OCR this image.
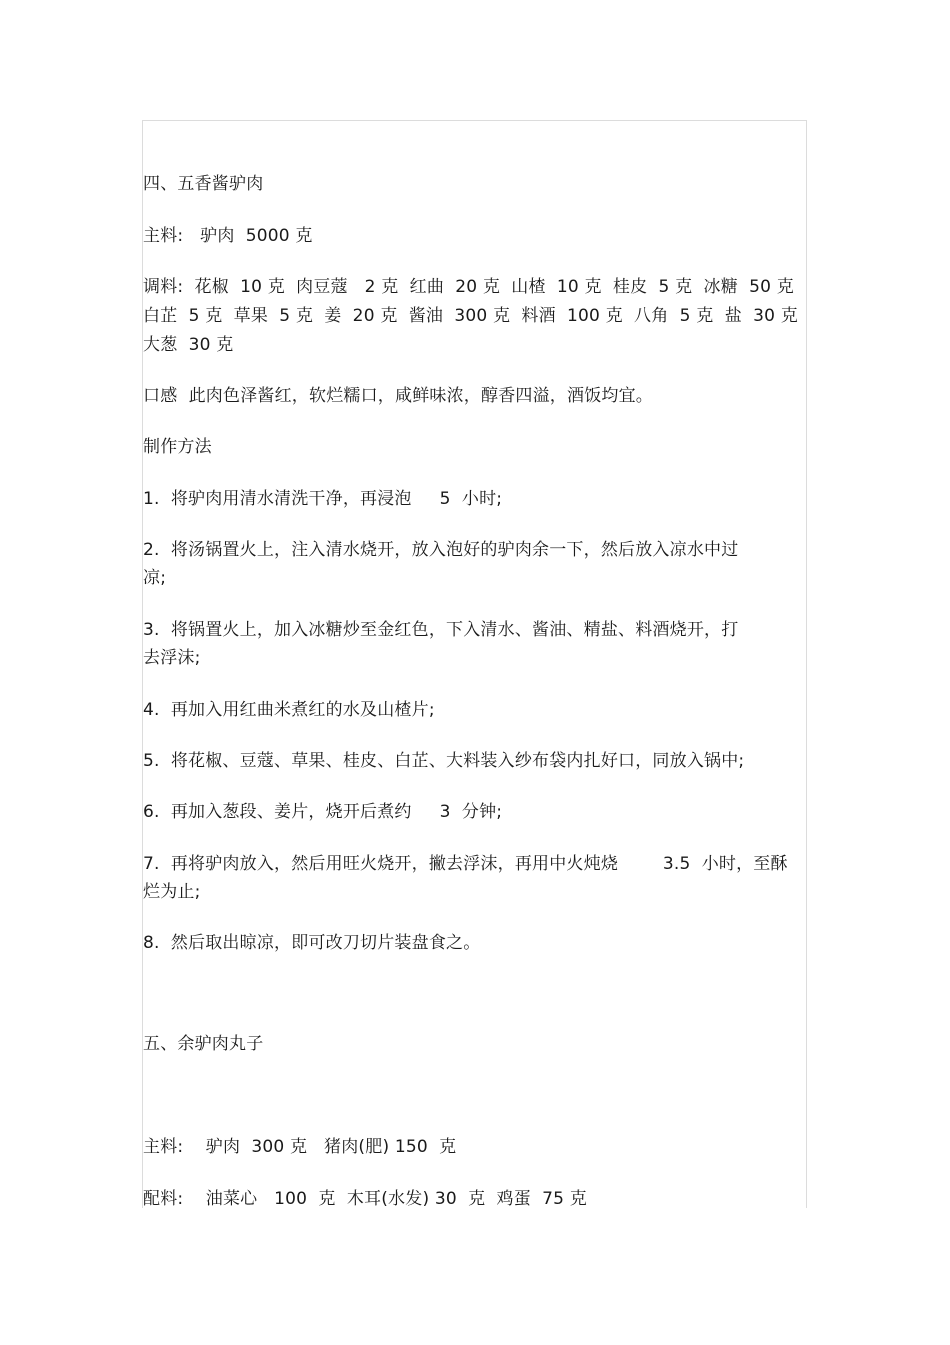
四、五香酱驴肉
主料:   驴肉  5000 克
调料:  花椒  10 克  肉豆蔻   2 克  红曲  20 克  山楂  10 克  桂皮  5 克  冰糖  50 克
白芷  5 克  草果  5 克  姜  20 克  酱油  300 克  料酒  100 克  八角  5 克  盐  30 克
大葱  30 克
口感  此肉色泽酱红，软烂糯口，咸鲜味浓，醇香四溢，酒饭均宜。
制作方法
1.  将驴肉用清水清洗干净，再浸泡     5  小时;
2.  将汤锅置火上，注入清水烧开，放入泡好的驴肉余一下，然后放入凉水中过
凉;
3.  将锅置火上，加入冰糖炒至金红色，下入清水、酱油、精盐、料酒烧开，打
去浮沫;
4.  再加入用红曲米煮红的水及山楂片;
5.  将花椒、豆蔻、草果、桂皮、白芷、大料装入纱布袋内扎好口，同放入锅中;
6.  再加入葱段、姜片，烧开后煮约     3  分钟;
7.  再将驴肉放入，然后用旺火烧开，撇去浮沫，再用中火炖烧        3.5  小时，至酥
烂为止;
8.  然后取出晾凉，即可改刀切片装盘食之。
五、余驴肉丸子
主料:    驴肉  300 克   猪肉(肥) 150  克
配料:    油菜心   100  克  木耳(水发) 30  克  鸡蛋  75 克
